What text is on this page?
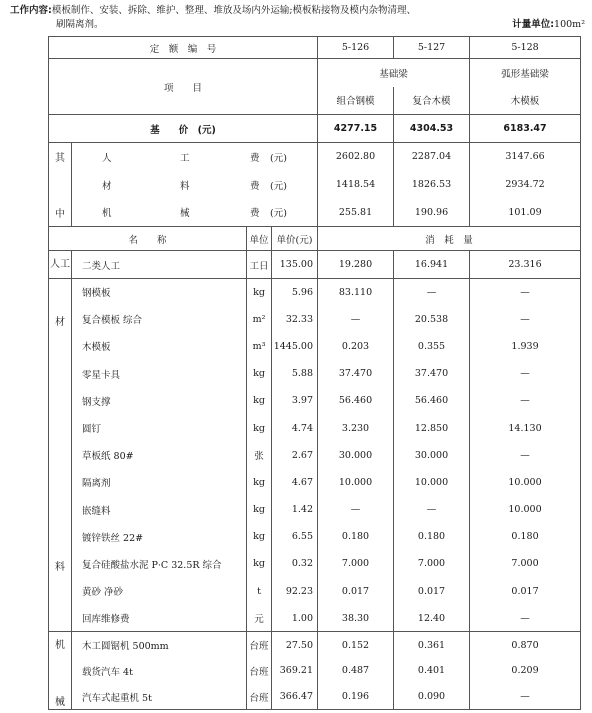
工作内容:模板制作、安装、拆除、维护、整理、堆放及场内外运输;模板粘接物及模内杂物清理、
刷隔离剂。	计量单位:100m²
定　额　编　号				5-126	5-127	5-128
项　　目				基础梁		弧形基础梁
				组合钢模	复合木模	木模板
基　　价　(元)				4277.15	4304.53	6183.47
其	人 工 费 (元)			2602.80	2287.04	3147.66
	材 料 费 (元)			1418.54	1826.53	2934.72
中	机 械 费 (元)			255.81	190.96	101.09
名　　称		单位	单价(元)	消　耗　量		
人工	二类人工	工日	135.00	19.280	16.941	23.316

材
料	钢模板	kg	5.96	83.110	—	—
	复合模板 综合	m²	32.33	—	20.538	—
	木模板	m³	1445.00	0.203	0.355	1.939
	零星卡具	kg	5.88	37.470	37.470	—
	钢支撑	kg	3.97	56.460	56.460	—
	圆钉	kg	4.74	3.230	12.850	14.130
	草板纸 80#	张	2.67	30.000	30.000	—
	隔离剂	kg	4.67	10.000	10.000	10.000
	嵌缝料	kg	1.42	—	—	10.000
	镀锌铁丝 22#	kg	6.55	0.180	0.180	0.180
	复合硅酸盐水泥 P·C 32.5R 综合	kg	0.32	7.000	7.000	7.000
	黄砂 净砂	t	92.23	0.017	0.017	0.017
	回库维修费	元	1.00	38.30	12.40	—

机
械	木工圆锯机 500mm	台班	27.50	0.152	0.361	0.870
	载货汽车 4t	台班	369.21	0.487	0.401	0.209
	汽车式起重机 5t	台班	366.47	0.196	0.090	—
